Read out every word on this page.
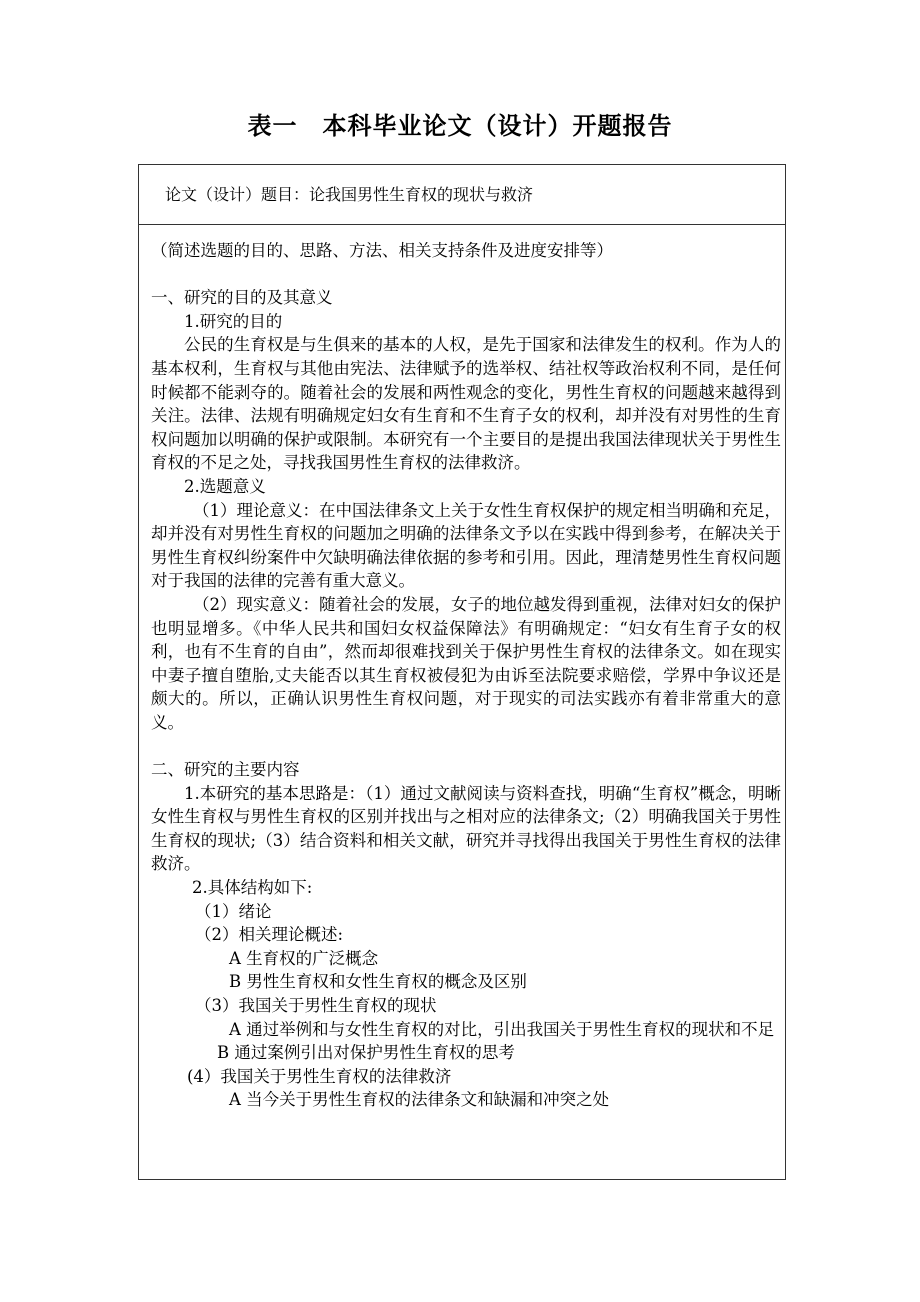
表一　本科毕业论文（设计）开题报告
论文（设计）题目：论我国男性生育权的现状与救济

（简述选题的目的、思路、方法、相关支持条件及进度安排等）

一、研究的目的及其意义

1.研究的目的

公民的生育权是与生俱来的基本的人权，是先于国家和法律发生的权利。作为人的基本权利，生育权与其他由宪法、法律赋予的选举权、结社权等政治权利不同，是任何时候都不能剥夺的。随着社会的发展和两性观念的变化，男性生育权的问题越来越得到关注。法律、法规有明确规定妇女有生育和不生育子女的权利，却并没有对男性的生育权问题加以明确的保护或限制。本研究有一个主要目的是提出我国法律现状关于男性生育权的不足之处，寻找我国男性生育权的法律救济。

2.选题意义

（1）理论意义：在中国法律条文上关于女性生育权保护的规定相当明确和充足，却并没有对男性生育权的问题加之明确的法律条文予以在实践中得到参考，在解决关于男性生育权纠纷案件中欠缺明确法律依据的参考和引用。因此，理清楚男性生育权问题对于我国的法律的完善有重大意义。

（2）现实意义：随着社会的发展，女子的地位越发得到重视，法律对妇女的保护也明显增多。《中华人民共和国妇女权益保障法》有明确规定：“妇女有生育子女的权利，也有不生育的自由”，然而却很难找到关于保护男性生育权的法律条文。如在现实中妻子擅自堕胎,丈夫能否以其生育权被侵犯为由诉至法院要求赔偿，学界中争议还是颇大的。所以，正确认识男性生育权问题，对于现实的司法实践亦有着非常重大的意义。

二、研究的主要内容

1.本研究的基本思路是：（1）通过文献阅读与资料查找，明确“生育权”概念，明晰女性生育权与男性生育权的区别并找出与之相对应的法律条文;（2）明确我国关于男性生育权的现状;（3）结合资料和相关文献，研究并寻找得出我国关于男性生育权的法律救济。

2.具体结构如下:

（1）绪论

（2）相关理论概述:

A 生育权的广泛概念

B 男性生育权和女性生育权的概念及区别

（3）我国关于男性生育权的现状

A 通过举例和与女性生育权的对比，引出我国关于男性生育权的现状和不足

B 通过案例引出对保护男性生育权的思考

(4）我国关于男性生育权的法律救济

A 当今关于男性生育权的法律条文和缺漏和冲突之处
